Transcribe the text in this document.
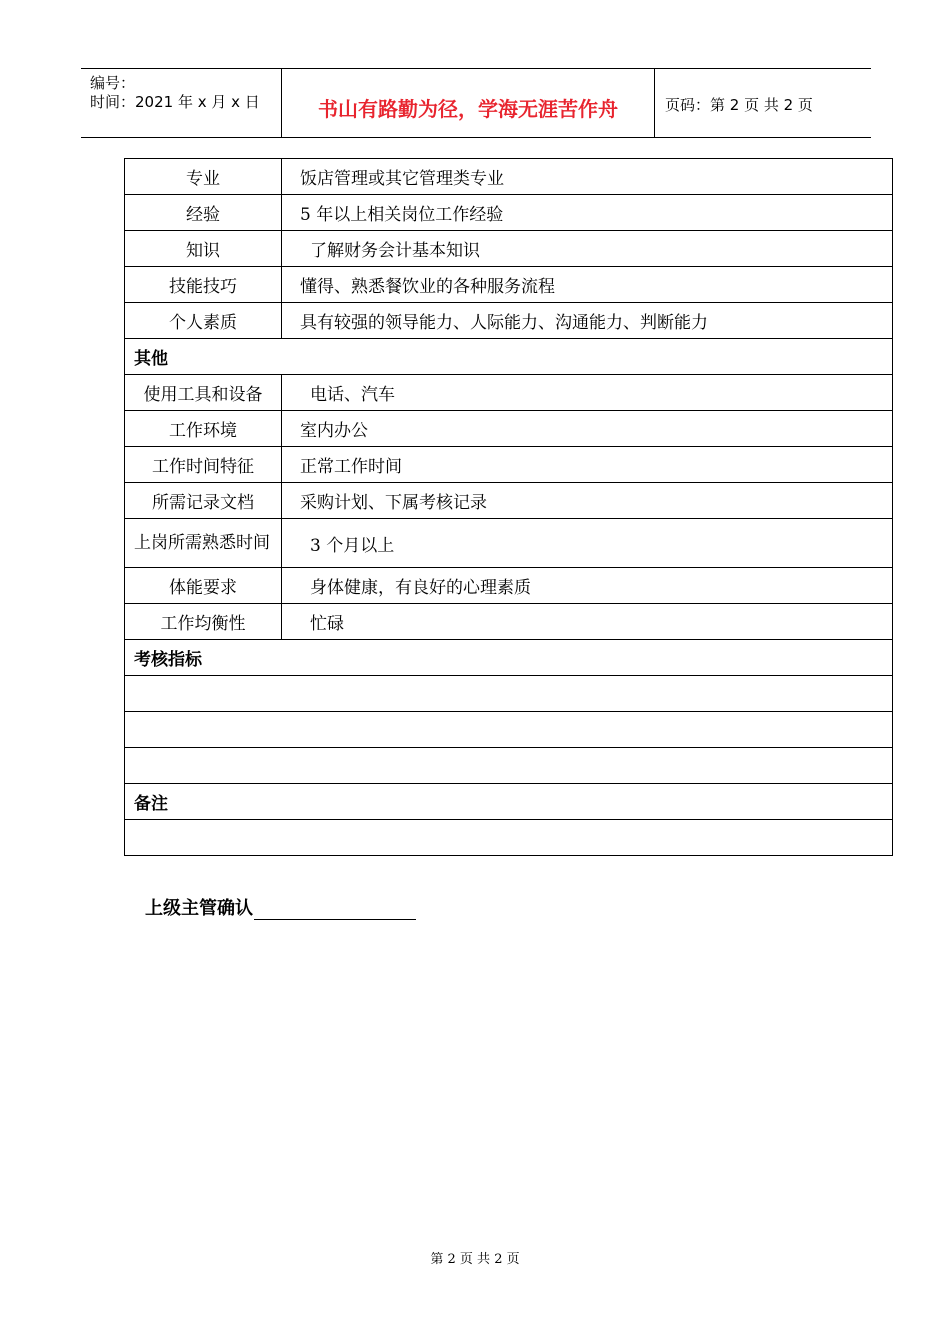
编号：
时间：2021 年 x 月 x 日	书山有路勤为径，学海无涯苦作舟	页码：第 2 页 共 2 页
专业	饭店管理或其它管理类专业
经验	5 年以上相关岗位工作经验
知识	了解财务会计基本知识
技能技巧	懂得、熟悉餐饮业的各种服务流程
个人素质	具有较强的领导能力、人际能力、沟通能力、判断能力
其他	
使用工具和设备	电话、汽车
工作环境	室内办公
工作时间特征	正常工作时间
所需记录文档	采购计划、下属考核记录
上岗所需熟悉时间	3 个月以上
体能要求	身体健康，有良好的心理素质
工作均衡性	忙碌
考核指标	

备注	

上级主管确认
第 2 页 共 2 页
